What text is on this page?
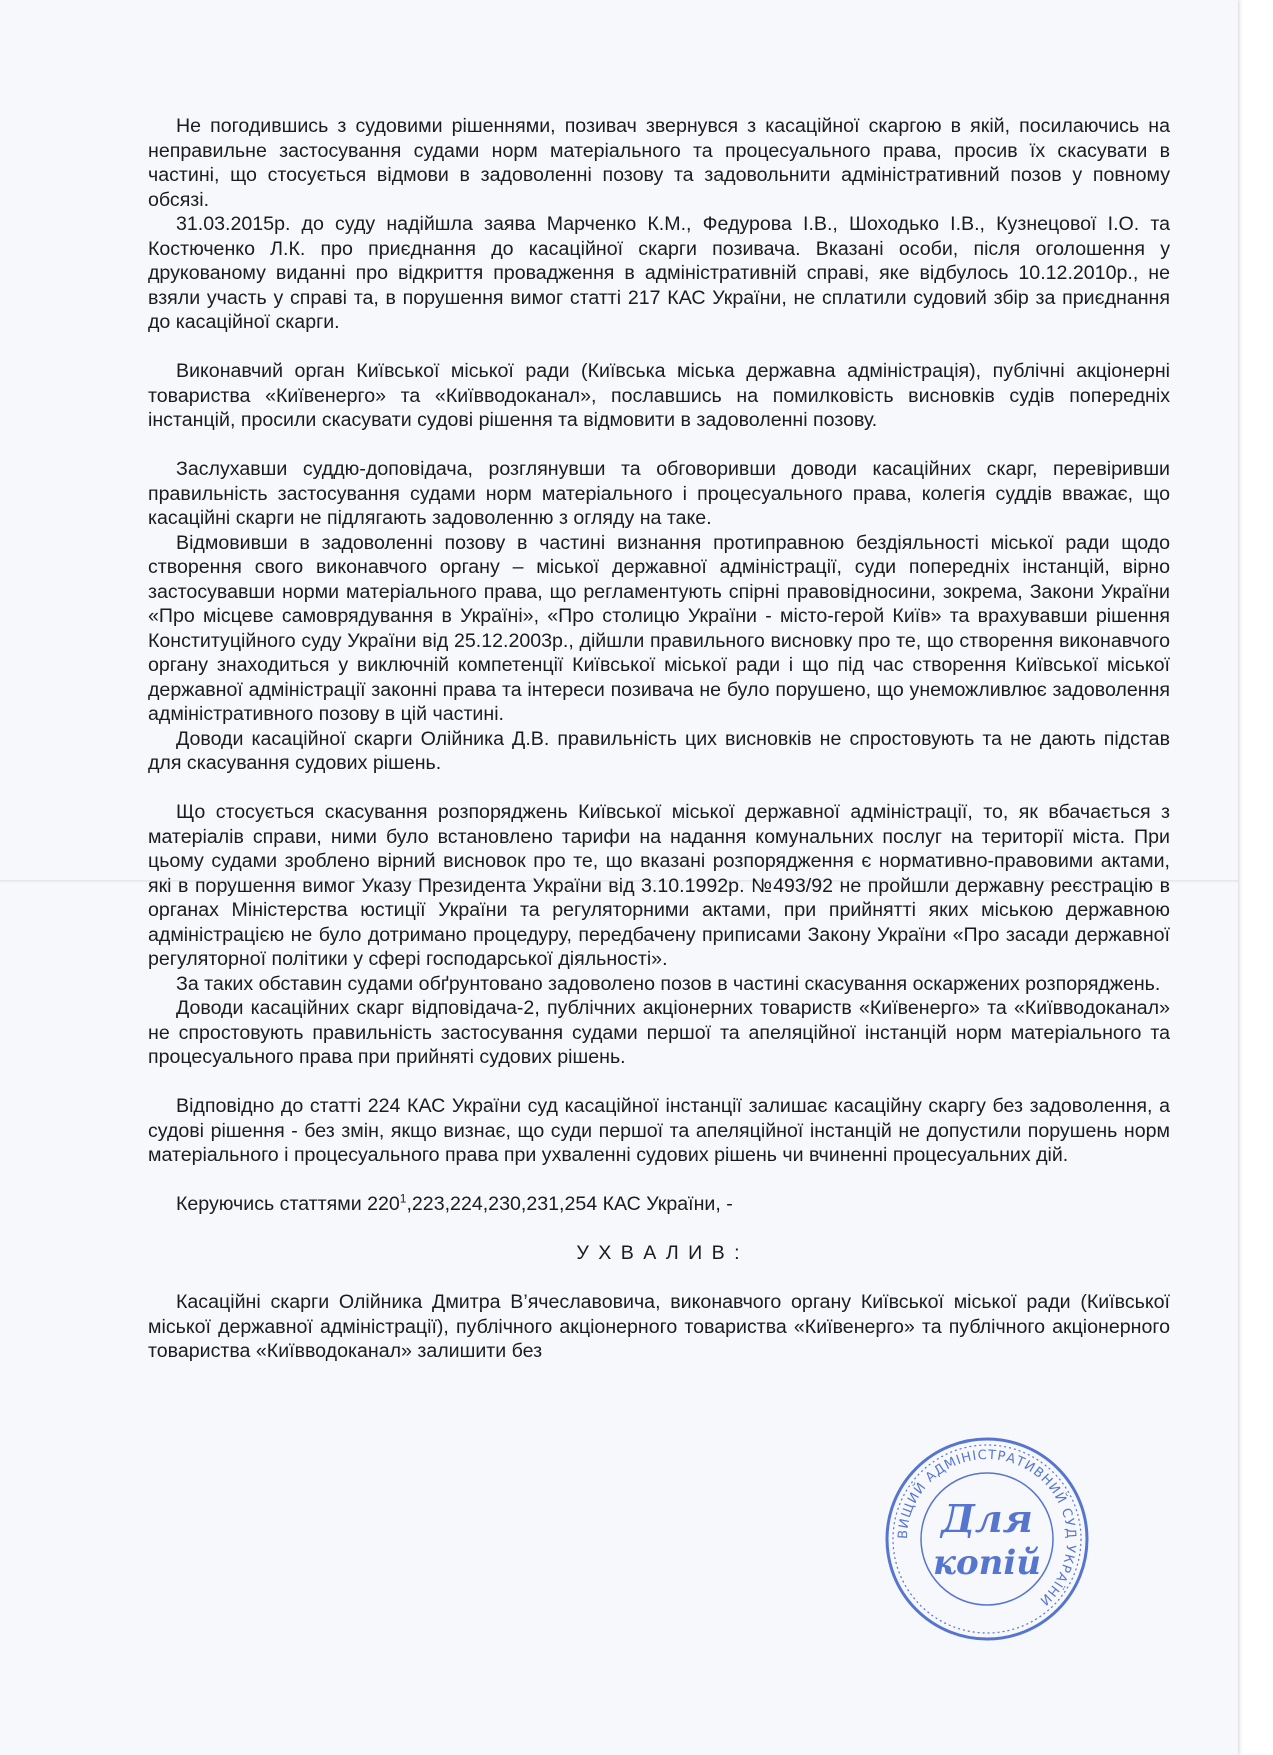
Не погодившись з судовими рішеннями, позивач звернувся з касаційної скаргою в якій, посилаючись на неправильне застосування судами норм матеріального та процесуального права, просив їх скасувати в частині, що стосується відмови в задоволенні позову та задовольнити адміністративний позов у повному обсязі.

31.03.2015р. до суду надійшла заява Марченко К.М., Федурова І.В., Шоходько І.В., Кузнецової І.О. та Костюченко Л.К. про приєднання до касаційної скарги позивача. Вказані особи, після оголошення у друкованому виданні про відкриття провадження в адміністративній справі, яке відбулось 10.12.2010р., не взяли участь у справі та, в порушення вимог статті 217 КАС України, не сплатили судовий збір за приєднання до касаційної скарги.

Виконавчий орган Київської міської ради (Київська міська державна адміністрація), публічні акціонерні товариства «Київенерго» та «Київводоканал», пославшись на помилковість висновків судів попередніх інстанцій, просили скасувати судові рішення та відмовити в задоволенні позову.

Заслухавши суддю-доповідача, розглянувши та обговоривши доводи касаційних скарг, перевіривши правильність застосування судами норм матеріального і процесуального права, колегія суддів вважає, що касаційні скарги не підлягають задоволенню з огляду на таке.

Відмовивши в задоволенні позову в частині визнання протиправною бездіяльності міської ради щодо створення свого виконавчого органу – міської державної адміністрації, суди попередніх інстанцій, вірно застосувавши норми матеріального права, що регламентують спірні правовідносини, зокрема, Закони України «Про місцеве самоврядування в Україні», «Про столицю України - місто-герой Київ» та врахувавши рішення Конституційного суду України від 25.12.2003р., дійшли правильного висновку про те, що створення виконавчого органу знаходиться у виключній компетенції Київської міської ради і що під час створення Київської міської державної адміністрації законні права та інтереси позивача не було порушено, що унеможливлює задоволення адміністративного позову в цій частині.

Доводи касаційної скарги Олійника Д.В. правильність цих висновків не спростовують та не дають підстав для скасування судових рішень.

Що стосується скасування розпоряджень Київської міської державної адміністрації, то, як вбачається з матеріалів справи, ними було встановлено тарифи на надання комунальних послуг на території міста. При цьому судами зроблено вірний висновок про те, що вказані розпорядження є нормативно-правовими актами, які в порушення вимог Указу Президента України від 3.10.1992р. №493/92 не пройшли державну реєстрацію в органах Міністерства юстиції України та регуляторними актами, при прийнятті яких міською державною адміністрацією не було дотримано процедуру, передбачену приписами Закону України «Про засади державної регуляторної політики у сфері господарської діяльності».

За таких обставин судами обґрунтовано задоволено позов в частині скасування оскаржених розпоряджень.

Доводи касаційних скарг відповідача-2, публічних акціонерних товариств «Київенерго» та «Київводоканал» не спростовують правильність застосування судами першої та апеляційної інстанцій норм матеріального та процесуального права при прийняті судових рішень.

Відповідно до статті 224 КАС України суд касаційної інстанції залишає касаційну скаргу без задоволення, а судові рішення - без змін, якщо визнає, що суди першої та апеляційної інстанцій не допустили порушень норм матеріального і процесуального права при ухваленні судових рішень чи вчиненні процесуальних дій.

Керуючись статтями $220^1,223,224,230,231,254$ КАС України, -

У Х В А Л И В :

Касаційні скарги Олійника Дмитра В’ячеславовича, виконавчого органу Київської міської ради (Київської міської державної адміністрації), публічного акціонерного товариства «Київенерго» та публічного акціонерного товариства «Київводоканал» залишити без

ВИЩИЙ АДМІНІСТРАТИВНИЙ СУД УКРАЇНИ
Для
копій
